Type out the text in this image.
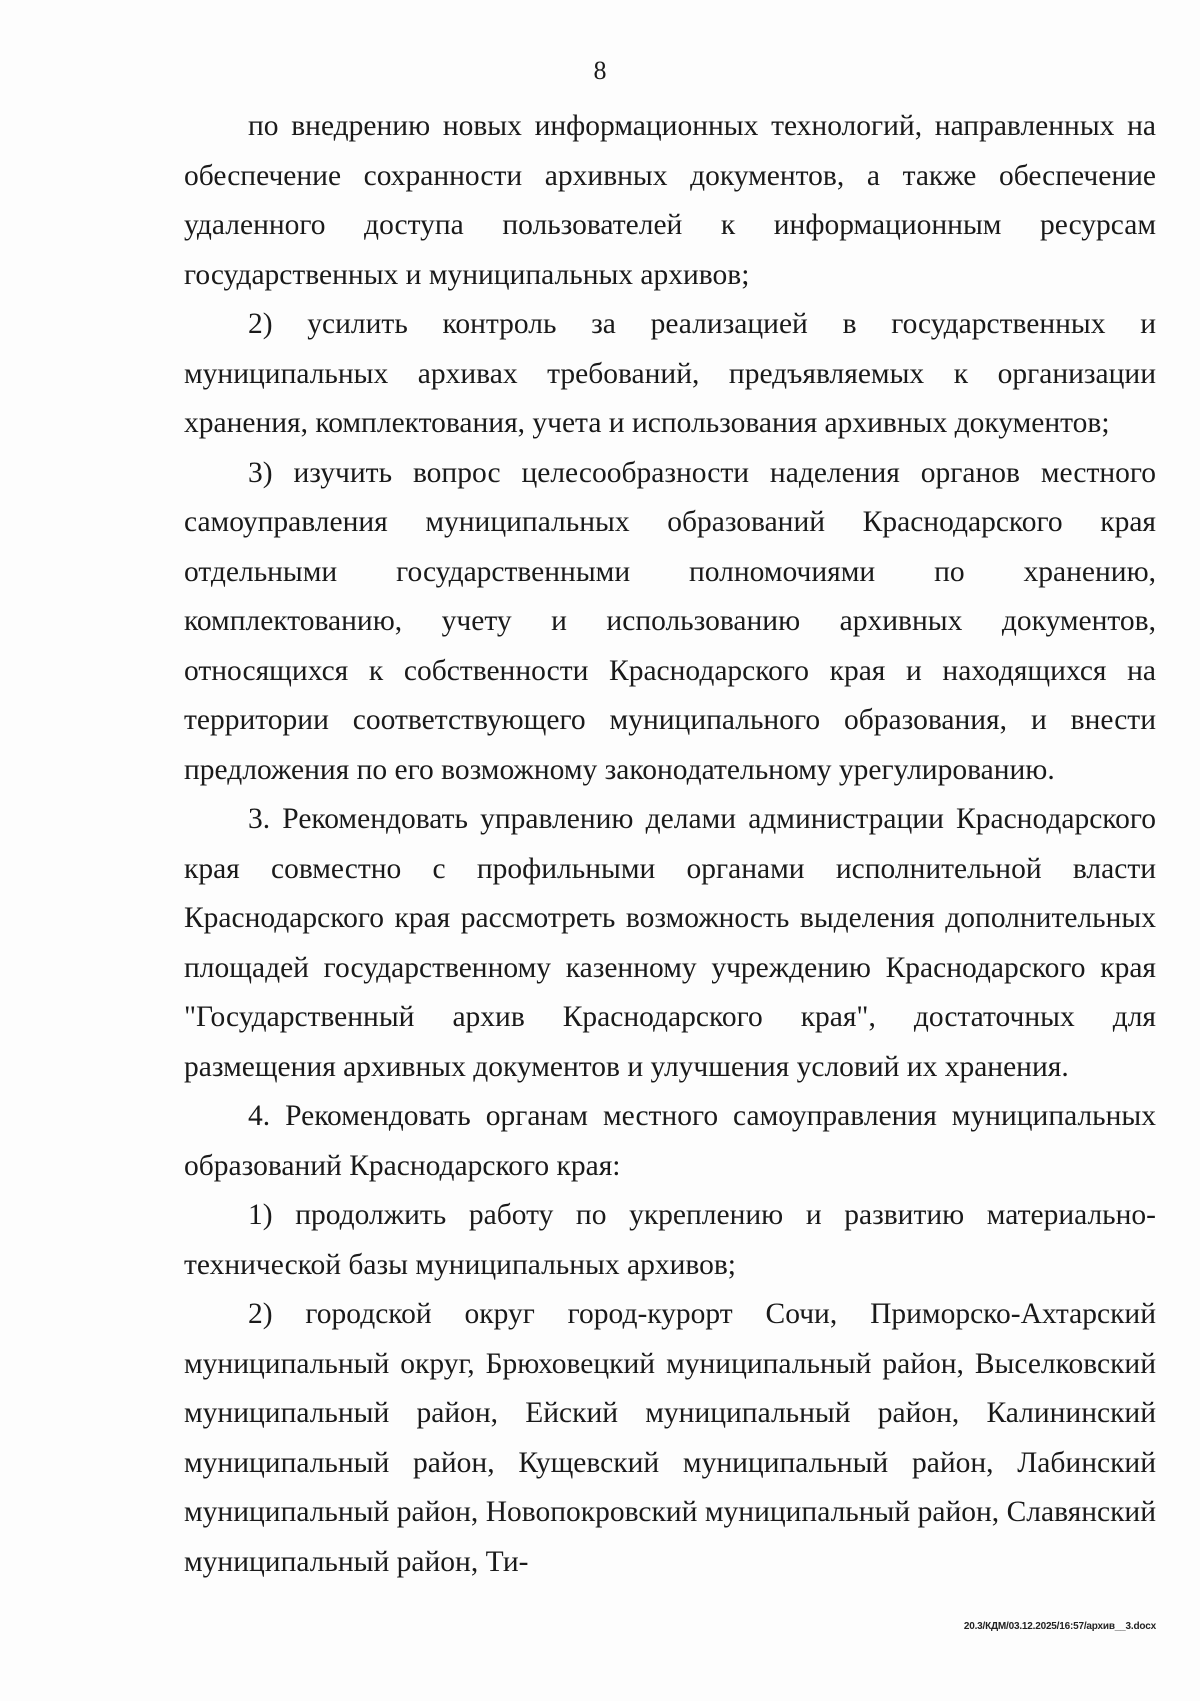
8

по внедрению новых информационных технологий, направленных на обеспечение сохранности архивных документов, а также обеспечение удаленного доступа пользователей к информационным ресурсам государственных и муниципальных архивов;

2) усилить контроль за реализацией в государственных и муниципальных архивах требований, предъявляемых к организации хранения, комплектования, учета и использования архивных документов;

3) изучить вопрос целесообразности наделения органов местного самоуправления муниципальных образований Краснодарского края отдельными государственными полномочиями по хранению, комплектованию, учету и использованию архивных документов, относящихся к собственности Краснодарского края и находящихся на территории соответствующего муниципального образования, и внести предложения по его возможному законодательному урегулированию.

3. Рекомендовать управлению делами администрации Краснодарского края совместно с профильными органами исполнительной власти Краснодарского края рассмотреть возможность выделения дополнительных площадей государственному казенному учреждению Краснодарского края "Государственный архив Краснодарского края", достаточных для размещения архивных документов и улучшения условий их хранения.

4. Рекомендовать органам местного самоуправления муниципальных образований Краснодарского края:

1) продолжить работу по укреплению и развитию материально-технической базы муниципальных архивов;

2) городской округ город-курорт Сочи, Приморско-Ахтарский муниципальный округ, Брюховецкий муниципальный район, Выселковский муниципальный район, Ейский муниципальный район, Калининский муниципальный район, Кущевский муниципальный район, Лабинский муниципальный район, Новопокровский муниципальный район, Славянский муниципальный район, Ти-

20.3/КДМ/03.12.2025/16:57/архив__3.docx
